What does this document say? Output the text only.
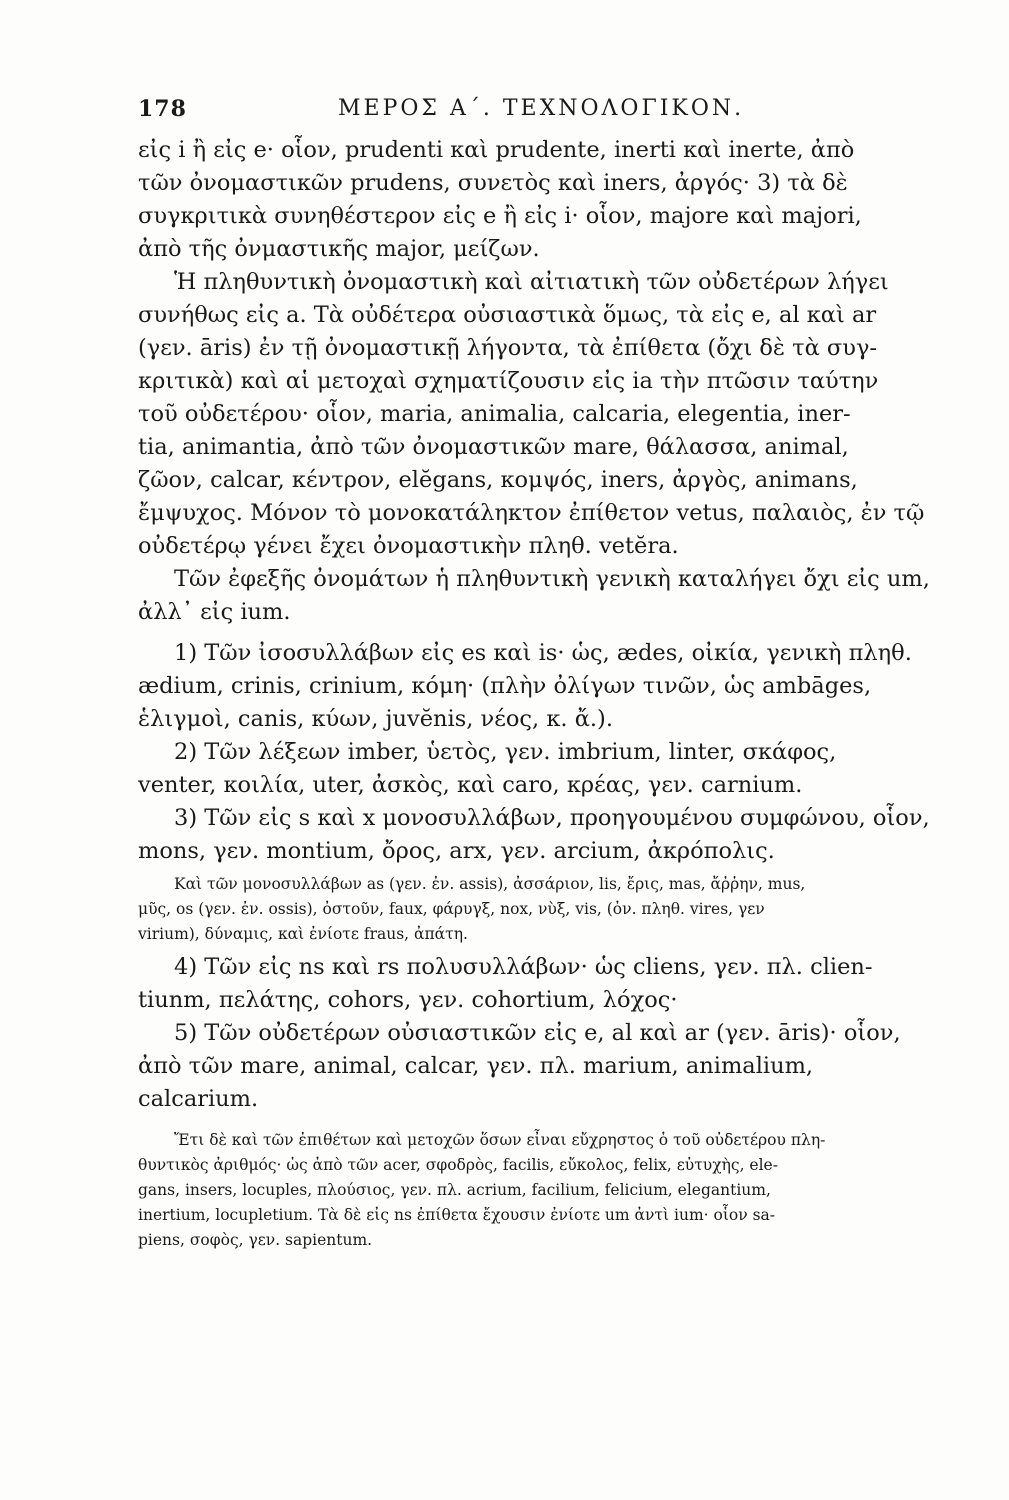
178	ΜΕΡΟΣ Α΄. ΤΕΧΝΟΛΟΓΙΚΟΝ.
εἰς i ἢ εἰς e· οἷον, prudenti καὶ prudente, inerti καὶ inerte, ἀπὸ
τῶν ὀνομαστικῶν prudens, συνετὸς καὶ iners, ἀργός· 3) τὰ δὲ
συγκριτικὰ συνηθέστερον εἰς e ἢ εἰς i· οἷον, majore καὶ majori,
ἀπὸ τῆς ὀνμαστικῆς major, μείζων.
Ἡ πληθυντικὴ ὀνομαστικὴ καὶ αἰτιατικὴ τῶν οὐδετέρων λήγει
συνήθως εἰς a. Τὰ οὐδέτερα οὐσιαστικὰ ὅμως, τὰ εἰς e, al καὶ ar
(γεν. āris) ἐν τῇ ὀνομαστικῇ λήγοντα, τὰ ἐπίθετα (ὄχι δὲ τὰ συγ-
κριτικὰ) καὶ αἱ μετοχαὶ σχηματίζουσιν εἰς ia τὴν πτῶσιν ταύτην
τοῦ οὐδετέρου· οἷον, maria, animalia, calcaria, elegentia, iner-
tia, animantia, ἀπὸ τῶν ὀνομαστικῶν mare, θάλασσα, animal,
ζῶον, calcar, κέντρον, elĕgans, κομψός, iners, ἀργὸς, animans,
ἔμψυχος. Μόνον τὸ μονοκατάληκτον ἐπίθετον vetus, παλαιὸς, ἐν τῷ
οὐδετέρῳ γένει ἔχει ὀνομαστικὴν πληθ. vetĕra.
Τῶν ἐφεξῆς ὀνομάτων ἡ πληθυντικὴ γενικὴ καταλήγει ὄχι εἰς um,
ἀλλ᾽ εἰς ium.
1) Τῶν ἰσοσυλλάβων εἰς es καὶ is· ὡς, ædes, οἰκία, γενικὴ πληθ.
ædium, crinis, crinium, κόμη· (πλὴν ὀλίγων τινῶν, ὡς ambāges,
ἑλιγμοὶ, canis, κύων, juvĕnis, νέος, κ. ἄ.).
2) Τῶν λέξεων imber, ὑετὸς, γεν. imbrium, linter, σκάφος,
venter, κοιλία, uter, ἀσκὸς, καὶ caro, κρέας, γεν. carnium.
3) Τῶν εἰς s καὶ x μονοσυλλάβων, προηγουμένου συμφώνου, οἷον,
mons, γεν. montium, ὄρος, arx, γεν. arcium, ἀκρόπολις.
Καὶ τῶν μονοσυλλάβων as (γεν. ἐν. assis), ἀσσάριον, lis, ἔρις, mas, ἄῤῥην, mus,
μῦς, os (γεν. ἐν. ossis), ὀστοῦν, faux, φάρυγξ, nox, νὺξ, vis, (ὀν. πληθ. vires, γεν
virium), δύναμις, καὶ ἐνίοτε fraus, ἀπάτη.
4) Τῶν εἰς ns καὶ rs πολυσυλλάβων· ὡς cliens, γεν. πλ. clien-
tiunm, πελάτης, cohors, γεν. cohortium, λόχος·
5) Τῶν οὐδετέρων οὐσιαστικῶν εἰς e, al καὶ ar (γεν. āris)· οἷον,
ἀπὸ τῶν mare, animal, calcar, γεν. πλ. marium, animalium,
calcarium.
Ἔτι δὲ καὶ τῶν ἐπιθέτων καὶ μετοχῶν ὅσων εἶναι εὔχρηστος ὁ τοῦ οὐδετέρου πλη-
θυντικὸς ἀριθμός· ὡς ἀπὸ τῶν acer, σφοδρὸς, facilis, εὔκολος, felix, εὐτυχὴς, ele-
gans, insers, locuples, πλούσιος, γεν. πλ. acrium, facilium, felicium, elegantium,
inertium, locupletium. Τὰ δὲ εἰς ns ἐπίθετα ἔχουσιν ἐνίοτε um ἀντὶ ium· οἷον sa-
piens, σοφὸς, γεν. sapientum.
